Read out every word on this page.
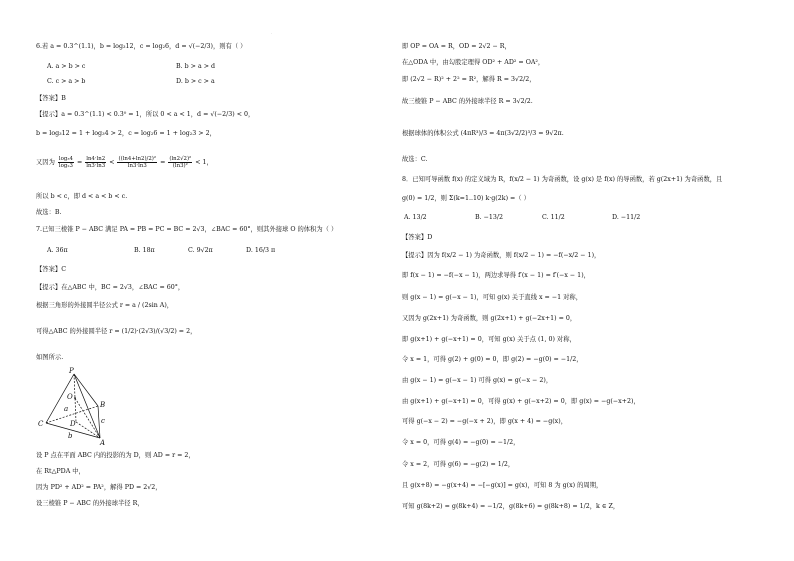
·
6.若 a = 0.3^(1.1)，b = log₃12，c = log₂6，d = √(−2/3)，则有（ ）
A. a > b > c	B. b > a > d
C. c > a > b	D. b > c > a
【答案】B
【提示】a = 0.3^(1.1) < 0.3⁰ = 1，所以 0 < a < 1，d = √(−2/3) < 0，
b = log₃12 = 1 + log₃4 > 2，c = log₂6 = 1 + log₂3 > 2，
又因为 $\frac{\text{log₃4}}{\text{log₂3}} = \frac{\ln 4\cdot\ln 2}{\ln 3\cdot\ln 3} < \frac{\text{((ln4+ln2)/2)²}}{\ln 3\cdot\ln 3} = \frac{\text{(ln2√2)²}}{\text{(ln3)²}} < 1$，
所以 b < c，即 d < a < b < c.
故选：B.
7.已知三棱锥 P − ABC 满足 PA = PB = PC = BC = 2√3，∠BAC = 60°，则其外接球 O 的体积为（ ）
A. 36π	B. 18π	C. 9√2π	D. 16/3 π
【答案】C
【提示】在△ABC 中，BC = 2√3，∠BAC = 60°，
根据三角形的外接圆半径公式 r = a / (2sin A)，
可得△ABC 的外接圆半径 r = (1/2)·(2√3)/(√3/2) = 2，
如图所示.
P
O
a
D	c
b
B
C
A
设 P 点在平面 ABC 内的投影的为 D，则 AD = r = 2，
在 Rt△PDA 中，
因为 PD² + AD² = PA²，解得 PD = 2√2，
设三棱锥 P − ABC 的外接球半径 R，
即 OP = OA = R，OD = 2√2 − R，
在△ODA 中，由勾股定理得 OD² + AD² = OA²，
即 (2√2 − R)² + 2² = R²，解得 R = 3√2/2，
故三棱锥 P − ABC 的外接球半径 R = 3√2/2.
根据球体的体积公式 (4πR³)/3 = 4π(3√2/2)³/3 = 9√2π.
故选：C.
8．已知可导函数 f(x) 的定义域为 R，f(x/2 − 1) 为奇函数，设 g(x) 是 f(x) 的导函数，若 g(2x+1) 为奇函数，且
g(0) = 1/2，则 Σ(k=1..10) k·g(2k) =（ ）
A. 13/2	B. −13/2	C. 11/2	D. −11/2
【答案】D
【提示】因为 f(x/2 − 1) 为奇函数，则 f(x/2 − 1) = −f(−x/2 − 1)，
即 f(x − 1) = −f(−x − 1)，两边求导得 f′(x − 1) = f′(−x − 1)，
则 g(x − 1) = g(−x − 1)，可知 g(x) 关于直线 x = −1 对称，
又因为 g(2x+1) 为奇函数，则 g(2x+1) + g(−2x+1) = 0，
即 g(x+1) + g(−x+1) = 0，可知 g(x) 关于点 (1, 0) 对称，
令 x = 1，可得 g(2) + g(0) = 0，即 g(2) = −g(0) = −1/2，
由 g(x − 1) = g(−x − 1) 可得 g(x) = g(−x − 2)，
由 g(x+1) + g(−x+1) = 0，可得 g(x) + g(−x+2) = 0，即 g(x) = −g(−x+2)，
可得 g(−x − 2) = −g(−x + 2)，即 g(x + 4) = −g(x)，
令 x = 0，可得 g(4) = −g(0) = −1/2，
令 x = 2，可得 g(6) = −g(2) = 1/2，
且 g(x+8) = −g(x+4) = −[−g(x)] = g(x)，可知 8 为 g(x) 的周期，
可知 g(8k+2) = g(8k+4) = −1/2，g(8k+6) = g(8k+8) = 1/2，k ∈ Z，
